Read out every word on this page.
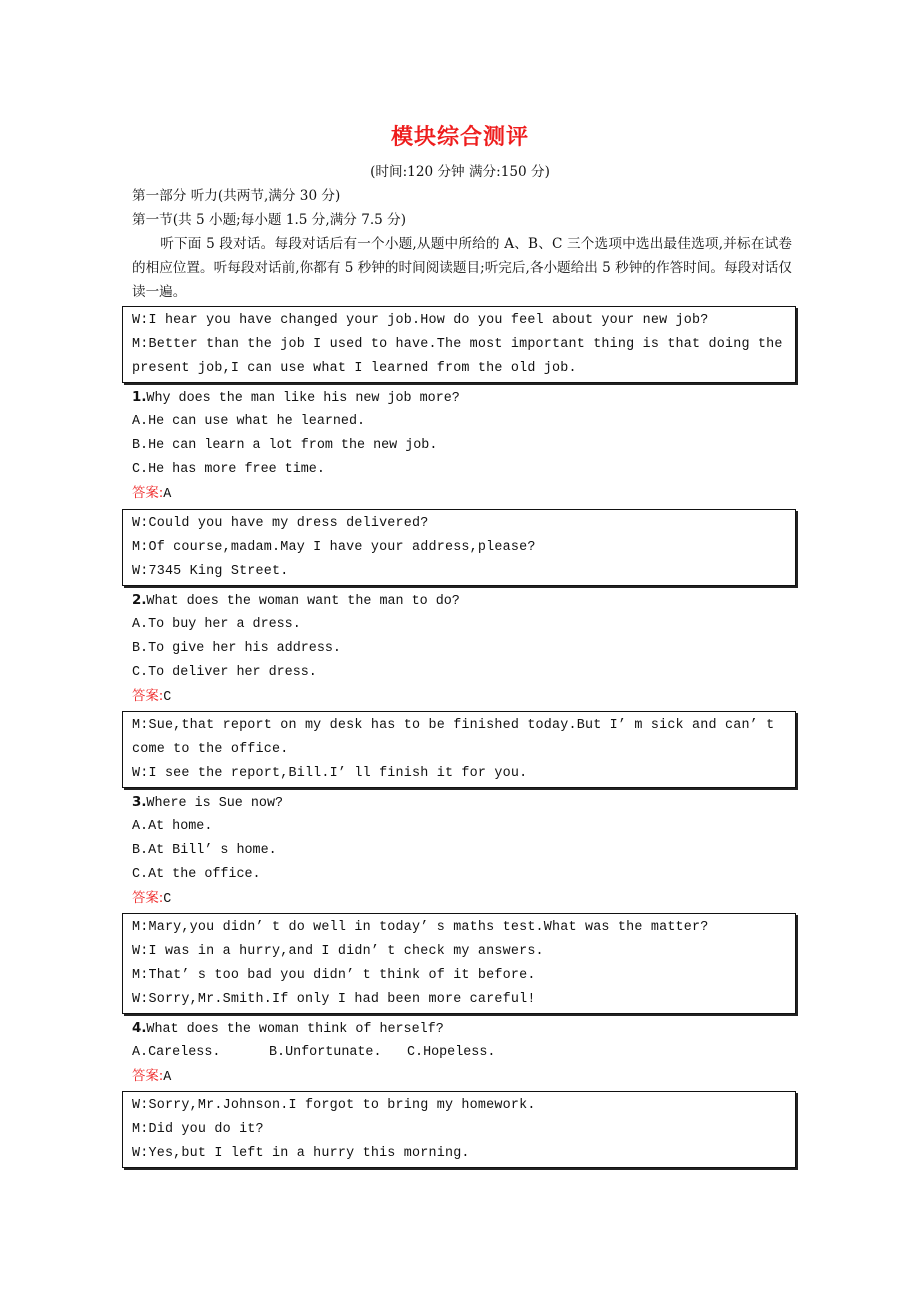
模块综合测评
(时间:120 分钟 满分:150 分)
第一部分 听力(共两节,满分 30 分)
第一节(共 5 小题;每小题 1.5 分,满分 7.5 分)
听下面 5 段对话。每段对话后有一个小题,从题中所给的 A、B、C 三个选项中选出最佳选项,并标在试卷的相应位置。听每段对话前,你都有 5 秒钟的时间阅读题目;听完后,各小题给出 5 秒钟的作答时间。每段对话仅读一遍。
W:I hear you have changed your job.How do you feel about your new job?
M:Better than the job I used to have.The most important thing is that doing the present job,I can use what I learned from the old job.
1.Why does the man like his new job more?
A.He can use what he learned.
B.He can learn a lot from the new job.
C.He has more free time.
答案:A
W:Could you have my dress delivered?
M:Of course,madam.May I have your address,please?
W:7345 King Street.
2.What does the woman want the man to do?
A.To buy her a dress.
B.To give her his address.
C.To deliver her dress.
答案:C
M:Sue,that report on my desk has to be finished today.But I’ m sick and can’ t come to the office.
W:I see the report,Bill.I’ ll finish it for you.
3.Where is Sue now?
A.At home.
B.At Bill’ s home.
C.At the office.
答案:C
M:Mary,you didn’ t do well in today’ s maths test.What was the matter?
W:I was in a hurry,and I didn’ t check my answers.
M:That’ s too bad you didn’ t think of it before.
W:Sorry,Mr.Smith.If only I had been more careful!
4.What does the woman think of herself?
A.Careless.	B.Unfortunate. C.Hopeless.
答案:A
W:Sorry,Mr.Johnson.I forgot to bring my homework.
M:Did you do it?
W:Yes,but I left in a hurry this morning.
